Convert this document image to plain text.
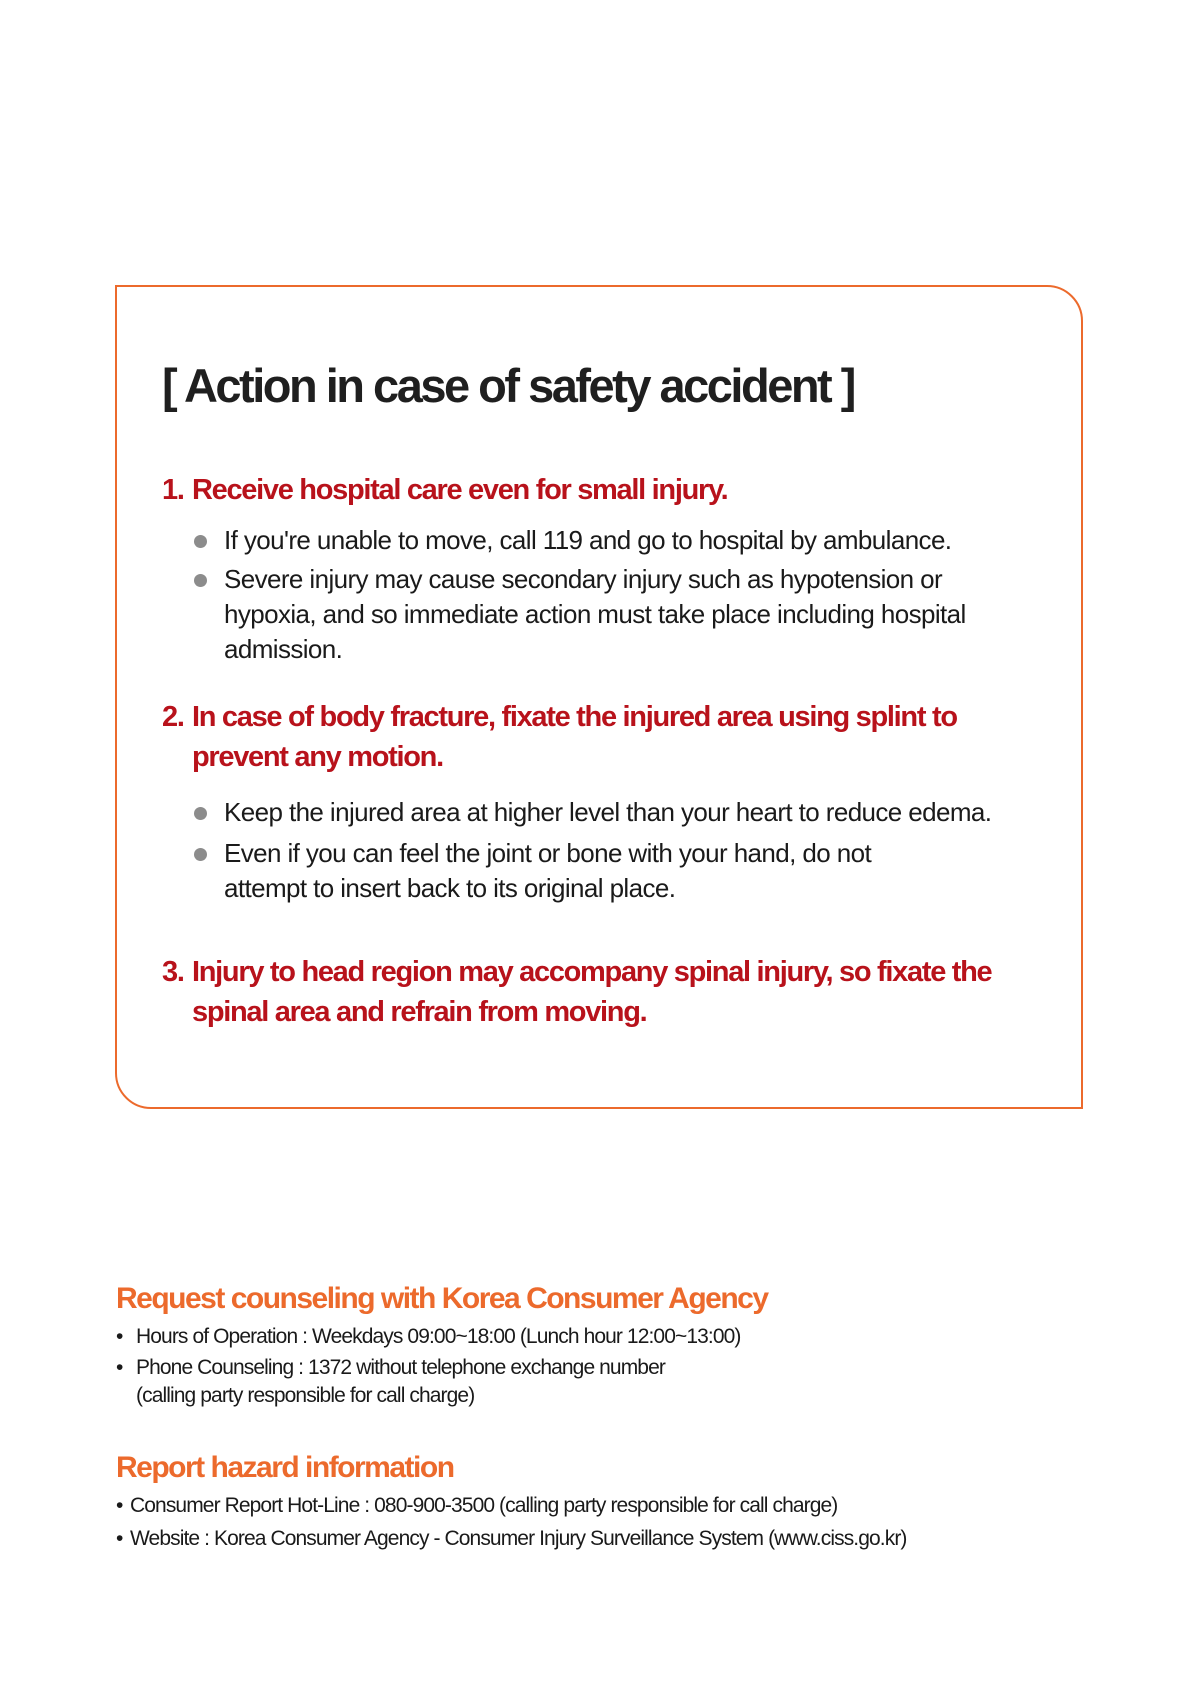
[ Action in case of safety accident ]
1. Receive hospital care even for small injury.
If you're unable to move, call 119 and go to hospital by ambulance.
Severe injury may cause secondary injury such as hypotension or
hypoxia, and so immediate action must take place including hospital
admission.
2. In case of body fracture, fixate the injured area using splint to
prevent any motion.
Keep the injured area at higher level than your heart to reduce edema.
Even if you can feel the joint or bone with your hand, do not
attempt to insert back to its original place.
3. Injury to head region may accompany spinal injury, so fixate the
spinal area and refrain from moving.
Request counseling with Korea Consumer Agency
• Hours of Operation : Weekdays 09:00~18:00 (Lunch hour 12:00~13:00)
• Phone Counseling : 1372 without telephone exchange number
(calling party responsible for call charge)
Report hazard information
• Consumer Report Hot-Line : 080-900-3500 (calling party responsible for call charge)
• Website : Korea Consumer Agency - Consumer Injury Surveillance System (www.ciss.go.kr)
